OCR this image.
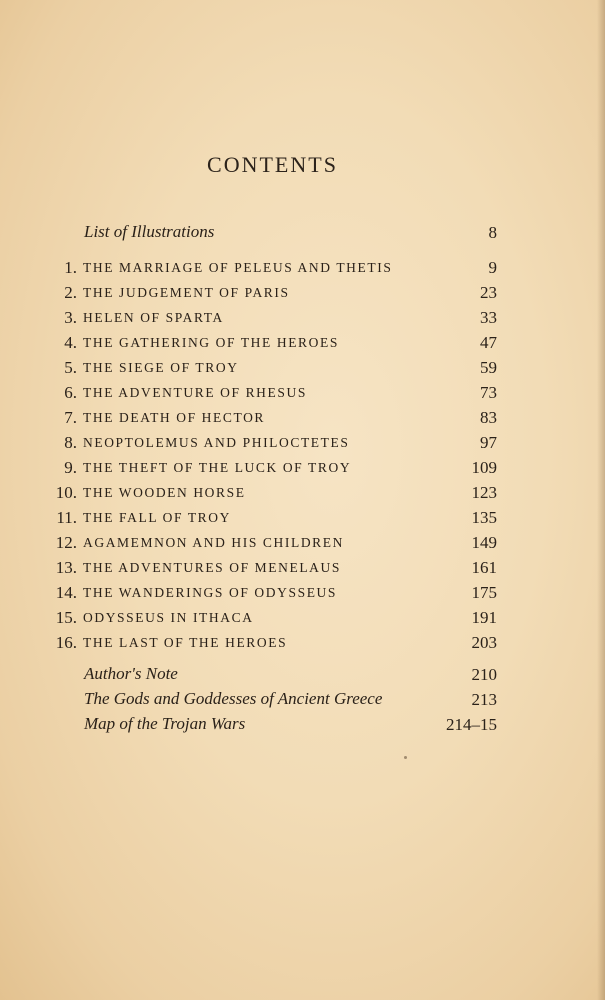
CONTENTS
List of Illustrations	8
1. THE MARRIAGE OF PELEUS AND THETIS	9
2. THE JUDGEMENT OF PARIS	23
3. HELEN OF SPARTA	33
4. THE GATHERING OF THE HEROES	47
5. THE SIEGE OF TROY	59
6. THE ADVENTURE OF RHESUS	73
7. THE DEATH OF HECTOR	83
8. NEOPTOLEMUS AND PHILOCTETES	97
9. THE THEFT OF THE LUCK OF TROY	109
10. THE WOODEN HORSE	123
11. THE FALL OF TROY	135
12. AGAMEMNON AND HIS CHILDREN	149
13. THE ADVENTURES OF MENELAUS	161
14. THE WANDERINGS OF ODYSSEUS	175
15. ODYSSEUS IN ITHACA	191
16. THE LAST OF THE HEROES	203
Author's Note	210
The Gods and Goddesses of Ancient Greece	213
Map of the Trojan Wars	214–15
